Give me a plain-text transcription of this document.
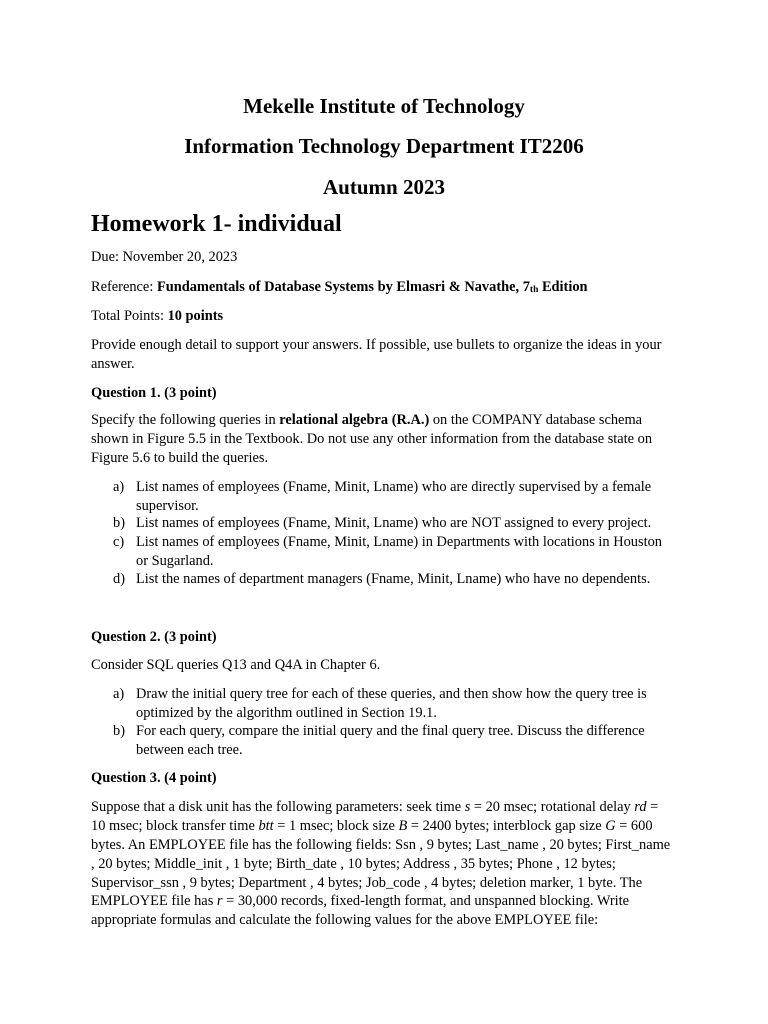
Mekelle Institute of Technology
Information Technology Department IT2206
Autumn 2023
Homework 1- individual

Due: November 20, 2023

Reference: Fundamentals of Database Systems by Elmasri & Navathe, $7_{th}$ Edition

Total Points: 10 points

Provide enough detail to support your answers. If possible, use bullets to organize the ideas in your

answer.

Question 1. (3 point)

Specify the following queries in relational algebra (R.A.) on the COMPANY database schema

shown in Figure 5.5 in the Textbook. Do not use any other information from the database state on

Figure 5.6 to build the queries.

a) List names of employees (Fname, Minit, Lname) who are directly supervised by a female
supervisor.
b) List names of employees (Fname, Minit, Lname) who are NOT assigned to every project.
c) List names of employees (Fname, Minit, Lname) in Departments with locations in Houston
or Sugarland.
d) List the names of department managers (Fname, Minit, Lname) who have no dependents.

Question 2. (3 point)

Consider SQL queries Q13 and Q4A in Chapter 6.

a) Draw the initial query tree for each of these queries, and then show how the query tree is
optimized by the algorithm outlined in Section 19.1.
b) For each query, compare the initial query and the final query tree. Discuss the difference
between each tree.

Question 3. (4 point)

Suppose that a disk unit has the following parameters: seek time s = 20 msec; rotational delay rd =

10 msec; block transfer time btt = 1 msec; block size B = 2400 bytes; interblock gap size G = 600

bytes. An EMPLOYEE file has the following fields: Ssn , 9 bytes; Last_name , 20 bytes; First_name

, 20 bytes; Middle_init , 1 byte; Birth_date , 10 bytes; Address , 35 bytes; Phone , 12 bytes;

Supervisor_ssn , 9 bytes; Department , 4 bytes; Job_code , 4 bytes; deletion marker, 1 byte. The

EMPLOYEE file has r = 30,000 records, fixed-length format, and unspanned blocking. Write

appropriate formulas and calculate the following values for the above EMPLOYEE file:
